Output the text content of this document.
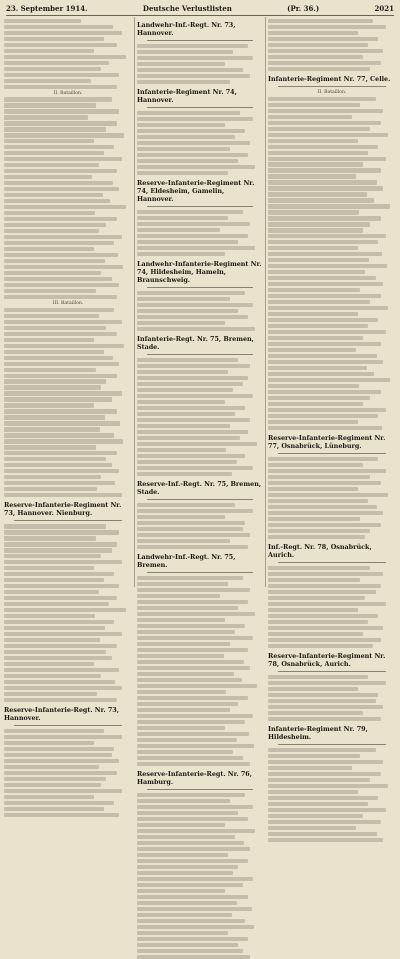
23. September 1914.	Deutsche Verlustlisten	(Pr. 36.)	2021
II. Bataillon.
III. Bataillon.
Reserve-Infanterie-Regiment Nr. 73, Hannover. Nienburg.
Reserve-Infanterie-Regt. Nr. 73, Hannover.
Landwehr-Inf.-Regt. Nr. 73, Hannover.
Infanterie-Regiment Nr. 74, Hannover.
Reserve-Infanterie-Regiment Nr. 74, Eldesheim, Gamelin, Hannover.
Landwehr-Infanterie-Regiment Nr. 74, Hildesheim, Hameln, Braunschweig.
Infanterie-Regt. Nr. 75, Bremen, Stade.
Reserve-Inf.-Regt. Nr. 75, Bremen, Stade.
Landwehr-Inf.-Regt. Nr. 75, Bremen.
Reserve-Infanterie-Regt. Nr. 76, Hamburg.
Infanterie-Regiment Nr. 77, Celle.
II. Bataillon.
Reserve-Infanterie-Regiment Nr. 77, Osnabrück, Lüneburg.
Inf.-Regt. Nr. 78, Osnabrück, Aurich.
Reserve-Infanterie-Regiment Nr. 78, Osnabrück, Aurich.
Infanterie-Regiment Nr. 79, Hildesheim.
